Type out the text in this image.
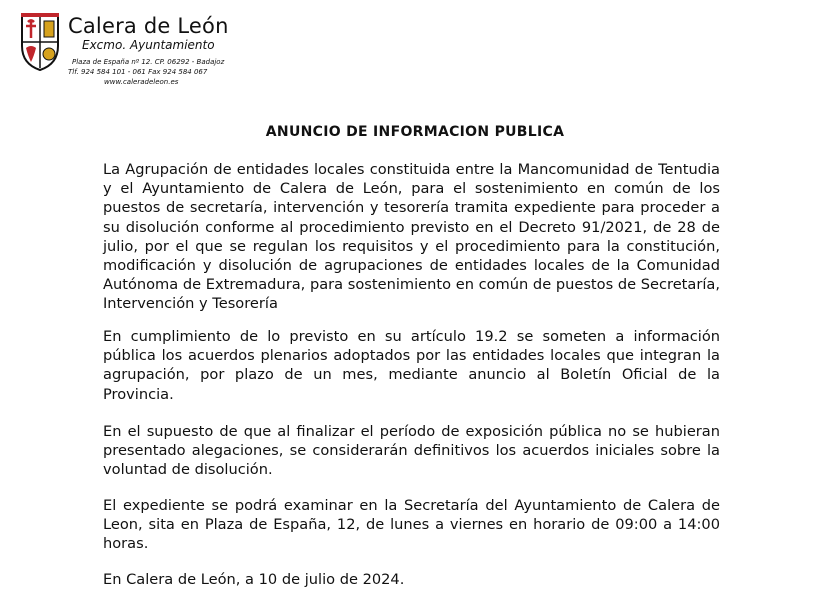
Calera de León
Excmo. Ayuntamiento
Plaza de España nº 12. CP. 06292 - Badajoz
Tlf. 924 584 101 - 061 Fax 924 584 067
www.caleradeleon.es
ANUNCIO DE INFORMACION PUBLICA
La Agrupación de entidades locales constituida entre la Mancomunidad de Tentudia y el Ayuntamiento de Calera de León, para el sostenimiento en común de los puestos de secretaría, intervención y tesorería tramita expediente para proceder a su disolución conforme al procedimiento previsto en el Decreto 91/2021, de 28 de julio, por el que se regulan los requisitos y el procedimiento para la constitución, modificación y disolución de agrupaciones de entidades locales de la Comunidad Autónoma de Extremadura, para sostenimiento en común de puestos de Secretaría, Intervención y Tesorería
En cumplimiento de lo previsto en su artículo 19.2 se someten a información pública los acuerdos plenarios adoptados por las entidades locales que integran la agrupación, por plazo de un mes, mediante anuncio al Boletín Oficial de la Provincia.
En el supuesto de que al finalizar el período de exposición pública no se hubieran presentado alegaciones, se considerarán definitivos los acuerdos iniciales sobre la voluntad de disolución.
El expediente se podrá examinar en la Secretaría del Ayuntamiento de Calera de Leon, sita en Plaza de España, 12, de lunes a viernes en horario de 09:00 a 14:00 horas.
En Calera de León, a 10 de julio de 2024.
